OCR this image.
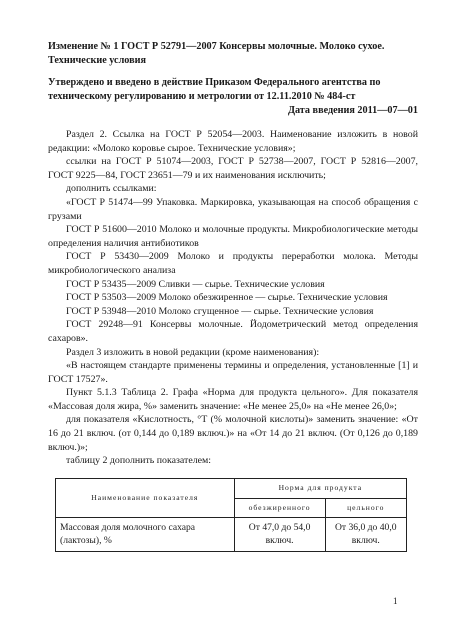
Изменение № 1 ГОСТ Р 52791—2007 Консервы молочные. Молоко сухое. Технические условия
Утверждено и введено в действие Приказом Федерального агентства по техническому регулированию и метрологии от 12.11.2010 № 484-ст
Дата введения 2011—07—01

Раздел 2. Ссылка на ГОСТ Р 52054—2003. Наименование изложить в новой редакции: «Молоко коровье сырое. Технические условия»;

ссылки на ГОСТ Р 51074—2003, ГОСТ Р 52738—2007, ГОСТ Р 52816—2007, ГОСТ 9225—84, ГОСТ 23651—79 и их наименования исключить;

дополнить ссылками:

«ГОСТ Р 51474—99 Упаковка. Маркировка, указывающая на способ обращения с грузами

ГОСТ Р 51600—2010 Молоко и молочные продукты. Микробиологические методы определения наличия антибиотиков

ГОСТ Р 53430—2009 Молоко и продукты переработки молока. Методы микробиологического анализа

ГОСТ Р 53435—2009 Сливки — сырье. Технические условия

ГОСТ Р 53503—2009 Молоко обезжиренное — сырье. Технические условия

ГОСТ Р 53948—2010 Молоко сгущенное — сырье. Технические условия

ГОСТ 29248—91 Консервы молочные. Йодометрический метод определения сахаров».

Раздел 3 изложить в новой редакции (кроме наименования):

«В настоящем стандарте применены термины и определения, установленные [1] и ГОСТ 17527».

Пункт 5.1.3 Таблица 2. Графа «Норма для продукта цельного». Для показателя «Массовая доля жира, %» заменить значение: «Не менее 25,0» на «Не менее 26,0»;

для показателя «Кислотность, °Т (% молочной кислоты)» заменить значение: «От 16 до 21 включ. (от 0,144 до 0,189 включ.)» на «От 14 до 21 включ. (От 0,126 до 0,189 включ.)»;

таблицу 2 дополнить показателем:

Наименование показателя	Норма для продукта	
	обезжиренного	цельного
Массовая доля молочного сахара (лактозы), %	От 47,0 до 54,0 включ.	От 36,0 до 40,0 включ.
1
